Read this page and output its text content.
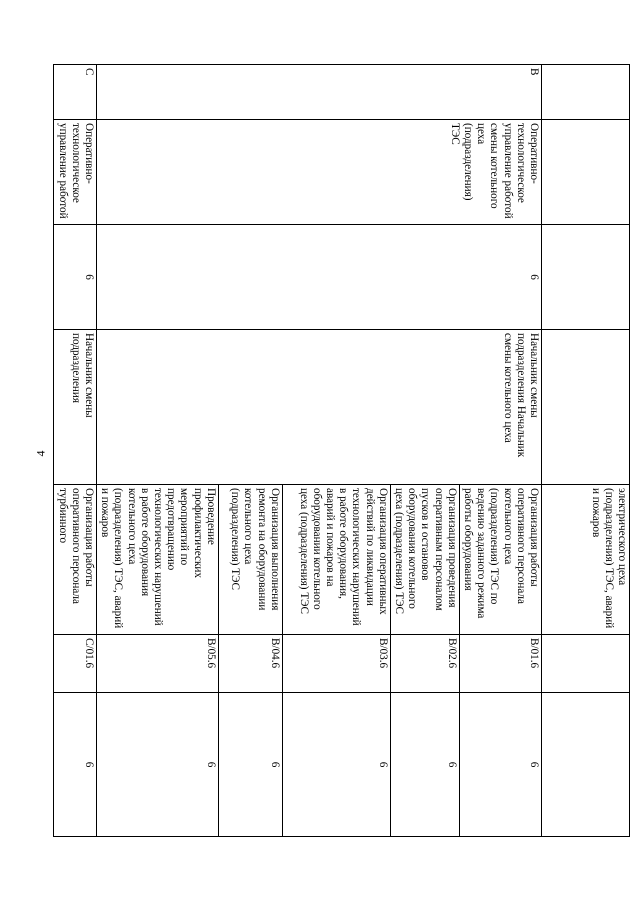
4
				электрического цеха (подразделения) ТЭС, аварий и пожаров		
B	Оперативно-технологическое управление работой смены котельного цеха (подразделения) ТЭС	6	Начальник смены подразделения Начальник смены котельного цеха	Организация работы оперативного персонала котельного цеха (подразделения) ТЭС по ведению заданного режима работы оборудования	B/01.6	6
				Организация проведения оперативным персоналом пусков и остановов оборудования котельного цеха (подразделения) ТЭС	B/02.6	6
				Организация оперативных действий по ликвидации технологических нарушений в работе оборудования, аварий и пожаров на оборудовании котельного цеха (подразделения) ТЭС	B/03.6	6
				Организация выполнения ремонта на оборудовании котельного цеха (подразделения) ТЭС	B/04.6	6
				Проведение профилактических мероприятий по предотвращению технологических нарушений в работе оборудования котельного цеха (подразделения) ТЭС, аварий и пожаров	B/05.6	6
C	Оперативно-технологическое управление работой	6	Начальник смены подразделения	Организация работы оперативного персонала турбинного	C/01.6	6
